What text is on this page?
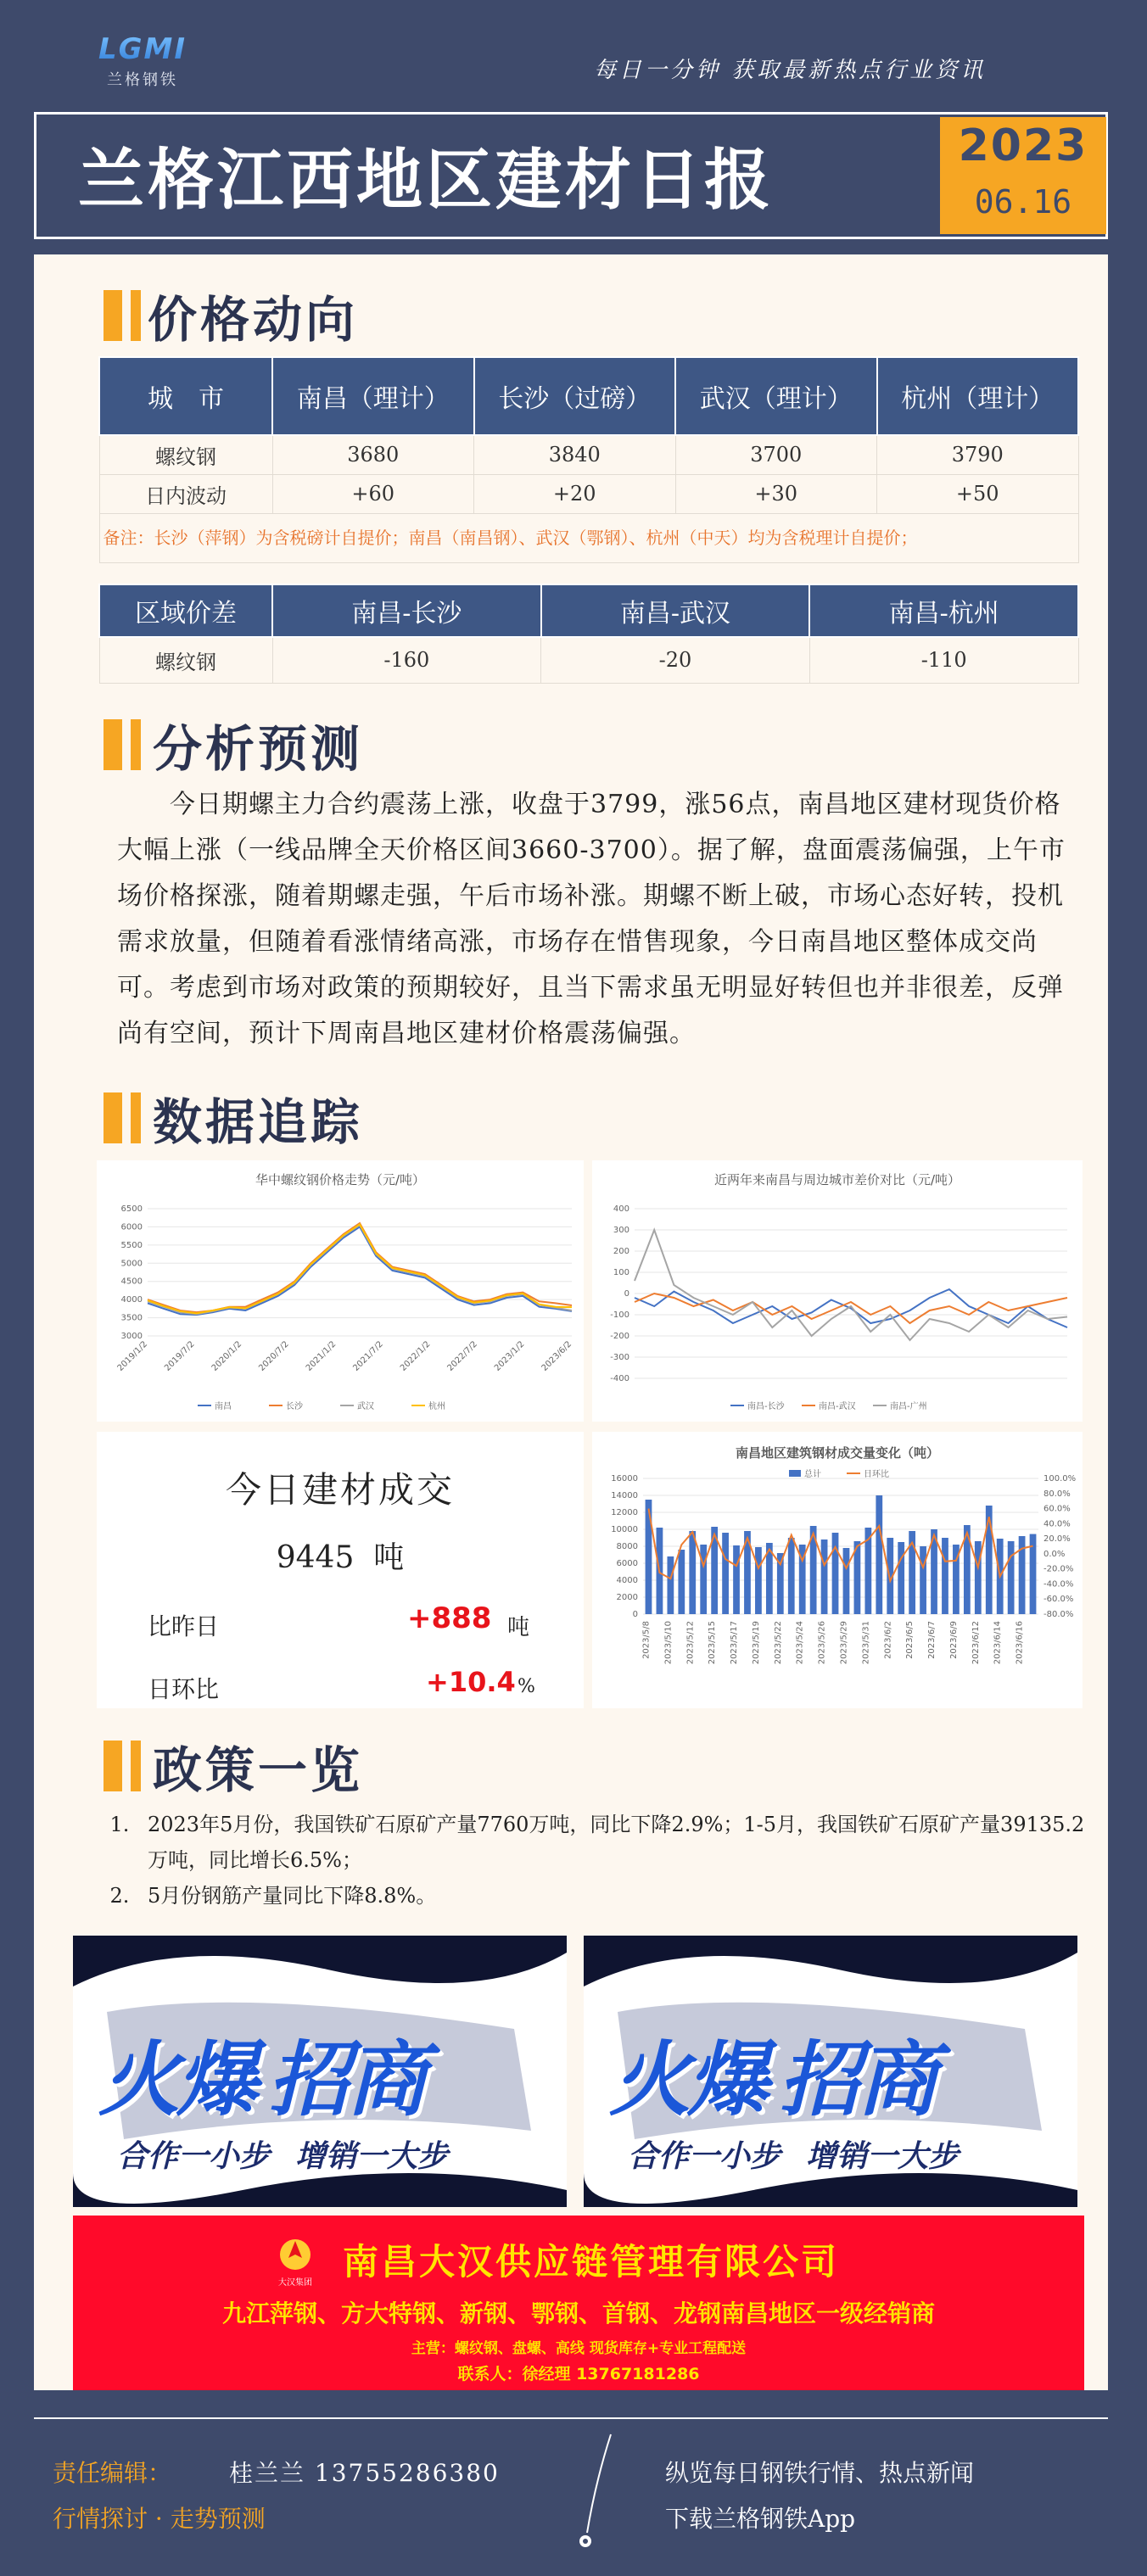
LGMI
兰格钢铁	每日一分钟 获取最新热点行业资讯
兰格江西地区建材日报	2023
06.16
价格动向
城　市	南昌（理计）	长沙（过磅）	武汉（理计）	杭州（理计）
螺纹钢	3680	3840	3700	3790
日内波动	+60	+20	+30	+50

备注：长沙（萍钢）为含税磅计自提价；南昌（南昌钢）、武汉（鄂钢）、杭州（中天）均为含税理计自提价；				
区域价差	南昌-长沙	南昌-武汉	南昌-杭州
螺纹钢	-160	-20	-110
分析预测
今日期螺主力合约震荡上涨，收盘于3799，涨56点，南昌地区建材现货价格大幅上涨（一线品牌全天价格区间3660-3700）。据了解，盘面震荡偏强，上午市场价格探涨，随着期螺走强，午后市场补涨。期螺不断上破，市场心态好转，投机需求放量，但随着看涨情绪高涨，市场存在惜售现象，今日南昌地区整体成交尚可。考虑到市场对政策的预期较好，且当下需求虽无明显好转但也并非很差，反弹尚有空间，预计下周南昌地区建材价格震荡偏强。
数据追踪
华中螺纹钢价格走势（元/吨）
6500
6000
5500
5000
4500
4000
3500
3000
2019/1/2 2019/7/2 2020/1/2 2020/7/2 2021/1/2 2021/7/2 2022/1/2 2022/7/2 2023/1/2 2023/6/2
南昌	长沙	武汉	杭州
近两年来南昌与周边城市差价对比（元/吨）
400
300
200
100
0
-100
-200
-300
-400
南昌-长沙	南昌-武汉	南昌-广州
今日建材成交
9445 吨
比昨日	+888 吨
日环比	+10.4 %
南昌地区建筑钢材成交量变化（吨）
16000
14000
12000
10000
8000
6000
4000
2000
0
100.0%
80.0%
60.0%
40.0%
20.0%
0.0%
-20.0%
-40.0%
-60.0%
-80.0%
2023/5/8 2023/5/10 2023/5/12 2023/5/15 2023/5/17 2023/5/19 2023/5/22 2023/5/24 2023/5/26 2023/5/29 2023/5/31 2023/6/2 2023/6/5 2023/6/7 2023/6/9 2023/6/12 2023/6/14 2023/6/16
总计	日环比
政策一览
1. 2023年5月份，我国铁矿石原矿产量7760万吨，同比下降2.9%；1-5月，我国铁矿石原矿产量39135.2万吨，同比增长6.5%；
2. 5月份钢筋产量同比下降8.8%。
火爆 招商
合作一小步 增销一大步
火爆 招商
合作一小步 增销一大步
大汉集团
南昌大汉供应链管理有限公司
九江萍钢、方大特钢、新钢、鄂钢、首钢、龙钢南昌地区一级经销商
主营：螺纹钢、盘螺、高线 现货库存+专业工程配送
联系人：徐经理 13767181286
责任编辑： 桂兰兰 13755286380
行情探讨 · 走势预测
纵览每日钢铁行情、热点新闻
下载兰格钢铁App
